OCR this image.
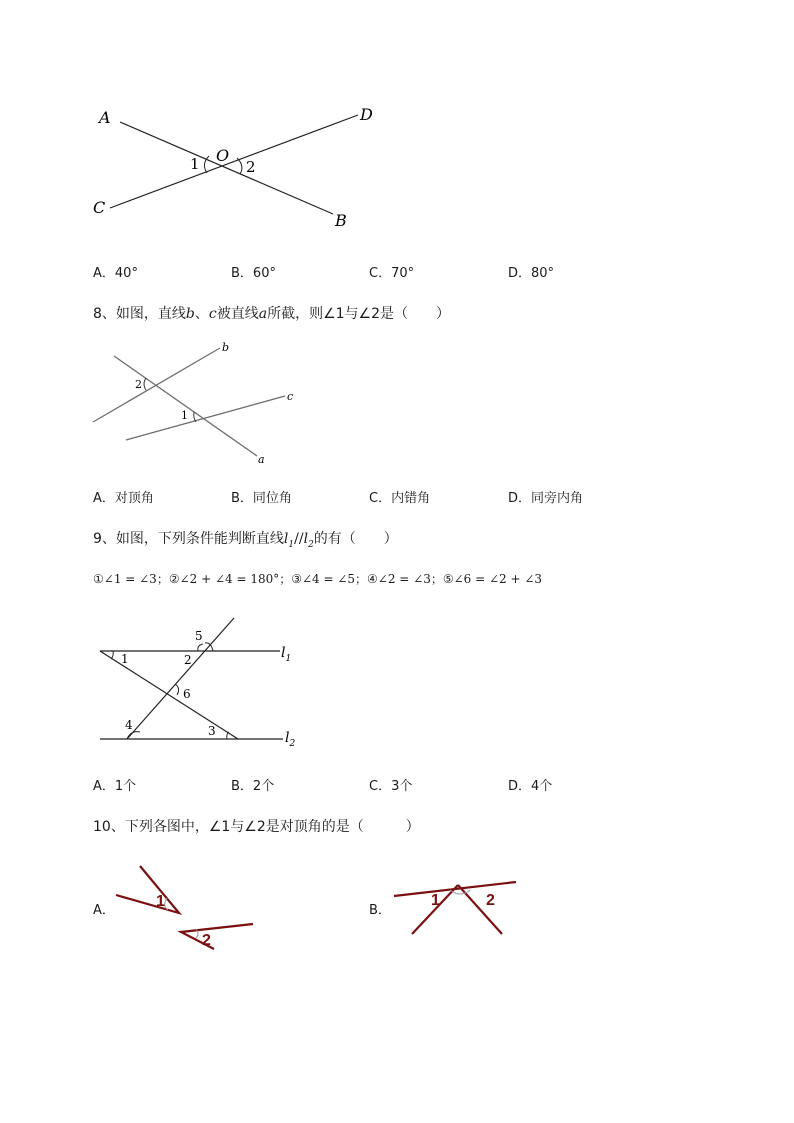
A	D
C
B
O
1	2
A．40°	B．60°	C．70°	D．80°
8、如图，直线b、c被直线a所截，则∠1与∠2是（　　）
b
c
a
2
1
A．对顶角	B．同位角	C．内错角	D．同旁内角
9、如图，下列条件能判断直线$l_1//l_2$的有（　　）
①∠1 = ∠3；②∠2 + ∠4 = 180°；③∠4 = ∠5；④∠2 = ∠3；⑤∠6 = ∠2 + ∠3
1	2
5
6
4	3
$l_1$
$l_2$
A．1个	B．2个	C．3个	D．4个
10、下列各图中，∠1与∠2是对顶角的是（　　　）
A．
1
2
B．
1	2
